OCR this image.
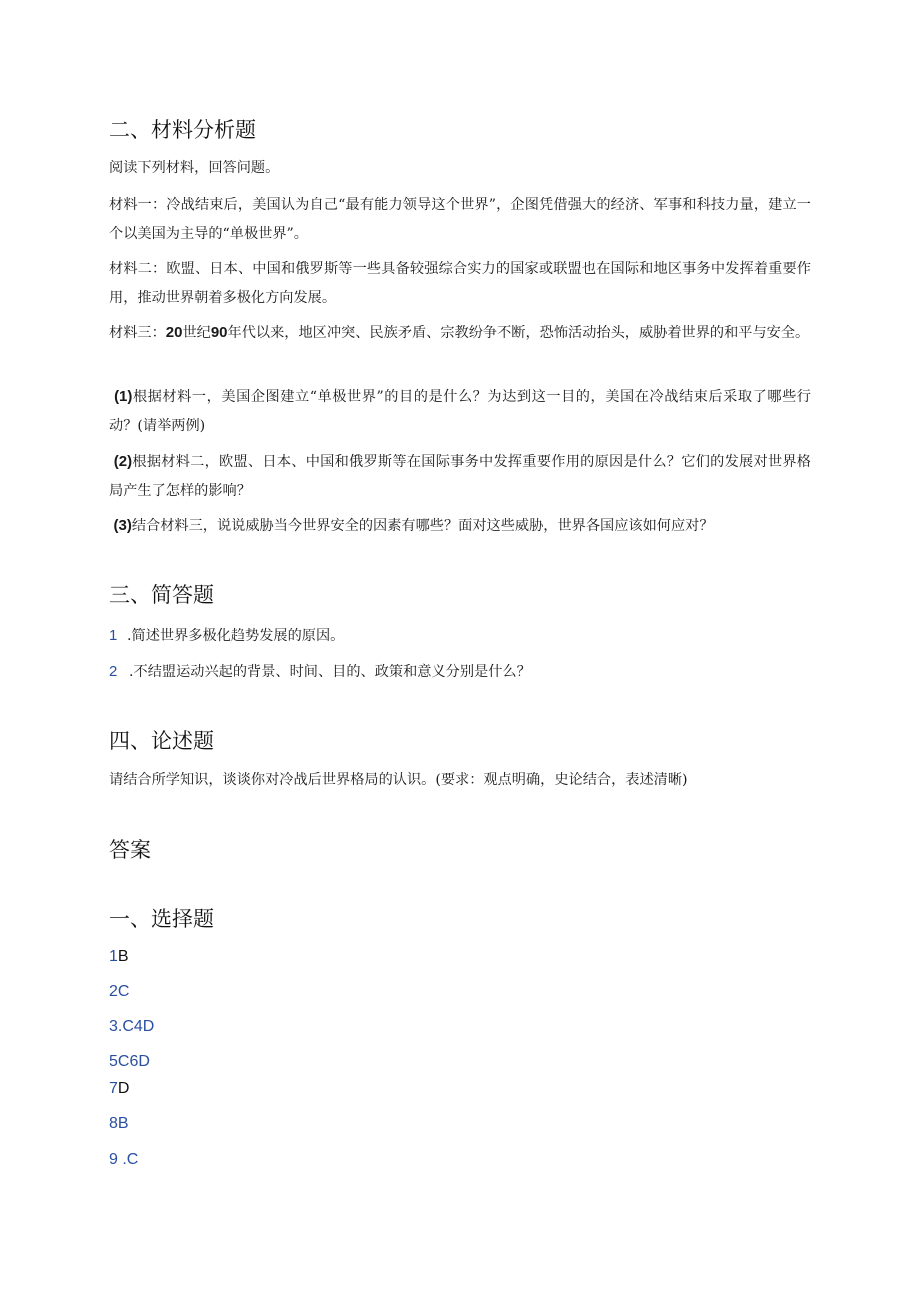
二、材料分析题

阅读下列材料，回答问题。

材料一：冷战结束后，美国认为自己“最有能力领导这个世界”，企图凭借强大的经济、军事和科技力量，建立一个以美国为主导的“单极世界”。

材料二：欧盟、日本、中国和俄罗斯等一些具备较强综合实力的国家或联盟也在国际和地区事务中发挥着重要作用，推动世界朝着多极化方向发展。

材料三：20世纪90年代以来，地区冲突、民族矛盾、宗教纷争不断，恐怖活动抬头，威胁着世界的和平与安全。

(1)根据材料一，美国企图建立“单极世界”的目的是什么？为达到这一目的，美国在冷战结束后采取了哪些行动？(请举两例)

(2)根据材料二，欧盟、日本、中国和俄罗斯等在国际事务中发挥重要作用的原因是什么？它们的发展对世界格局产生了怎样的影响？

(3)结合材料三，说说威胁当今世界安全的因素有哪些？面对这些威胁，世界各国应该如何应对？

三、简答题

1 .简述世界多极化趋势发展的原因。

2 .不结盟运动兴起的背景、时间、目的、政策和意义分别是什么？

四、论述题

请结合所学知识，谈谈你对冷战后世界格局的认识。(要求：观点明确，史论结合，表述清晰)

答案
一、选择题
1B
2C
3.C4D
5C6D
7D
8B
9 .C
